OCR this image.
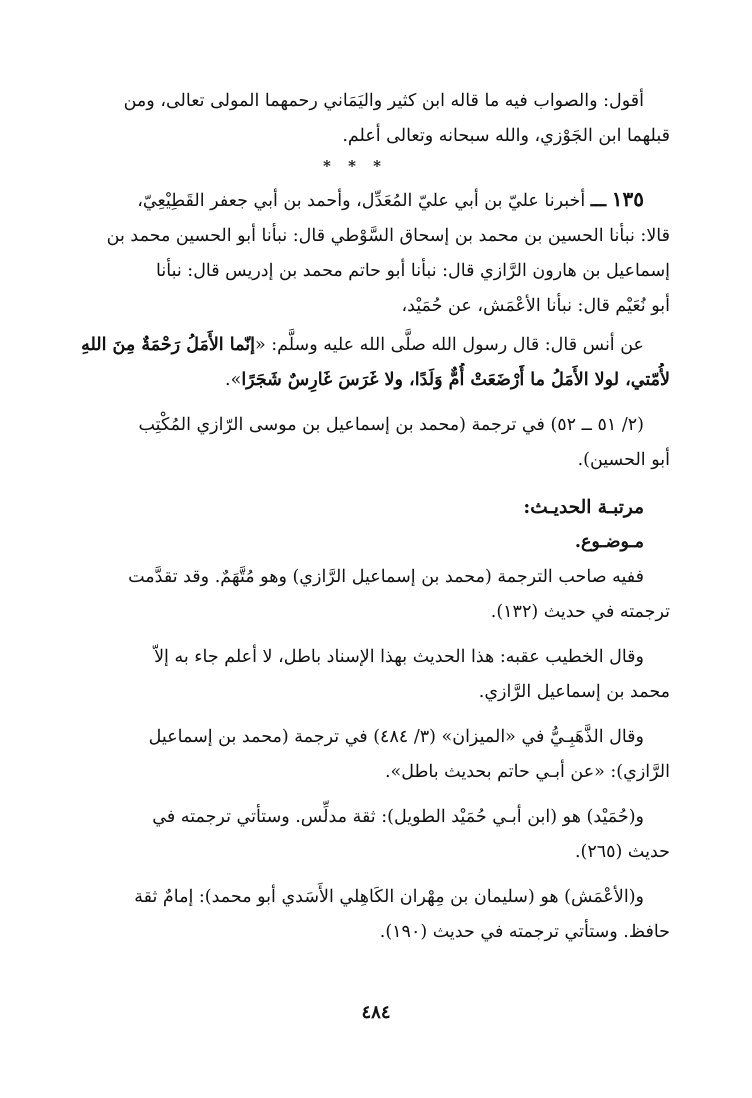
أقول: والصواب فيه ما قاله ابن كثير واليَمَاني رحمهما المولى تعالى، ومن
قبلهما ابن الجَوْزي، والله سبحانه وتعالى أعلم.
* * *
١٣٥ ـــ أخبرنا عليّ بن أبي عليّ المُعَدِّل، وأحمد بن أبي جعفر القَطِيْعِيّ،
قالا: نبأنا الحسين بن محمد بن إسحاق السَّوْطي قال: نبأنا أبو الحسين محمد بن
إسماعيل بن هارون الرَّازي قال: نبأنا أبو حاتم محمد بن إدريس قال: نبأنا
أبو نُعَيْم قال: نبأنا الأعْمَش، عن حُمَيْد،
عن أنس قال: قال رسول الله صلَّى الله عليه وسلَّم: «إنّما الأَمَلُ رَحْمَةٌ مِنَ اللهِ
لأُمّتي، لولا الأَمَلُ ما أَرْضَعَتْ أُمٌّ وَلَدًا، ولا غَرَسَ غَارِسٌ شَجَرًا».
(٢/ ٥١ ــ ٥٢) في ترجمة (محمد بن إسماعيل بن موسى الرّازي المُكْتِب
أبو الحسين).
مرتبـة الحديـث:
مـوضـوع.
ففيه صاحب الترجمة (محمد بن إسماعيل الرَّازي) وهو مُتَّهَمٌ. وقد تقدَّمت
ترجمته في حديث (١٣٢).
وقال الخطيب عقبه: هذا الحديث بهذا الإسناد باطل، لا أعلم جاء به إلاّ
محمد بن إسماعيل الرَّازي.
وقال الذَّهَبِـيُّ في «الميزان» (٣/ ٤٨٤) في ترجمة (محمد بن إسماعيل
الرَّازي): «عن أبـي حاتم بحديث باطل».
و(حُمَيْد) هو (ابن أبـي حُمَيْد الطويل): ثقة مدلِّس. وستأتي ترجمته في
حديث (٢٦٥).
و(الأعْمَش) هو (سليمان بن مِهْران الكَاهِلي الأَسَدي أبو محمد): إمامٌ ثقة
حافظ. وستأتي ترجمته في حديث (١٩٠).
٤٨٤
